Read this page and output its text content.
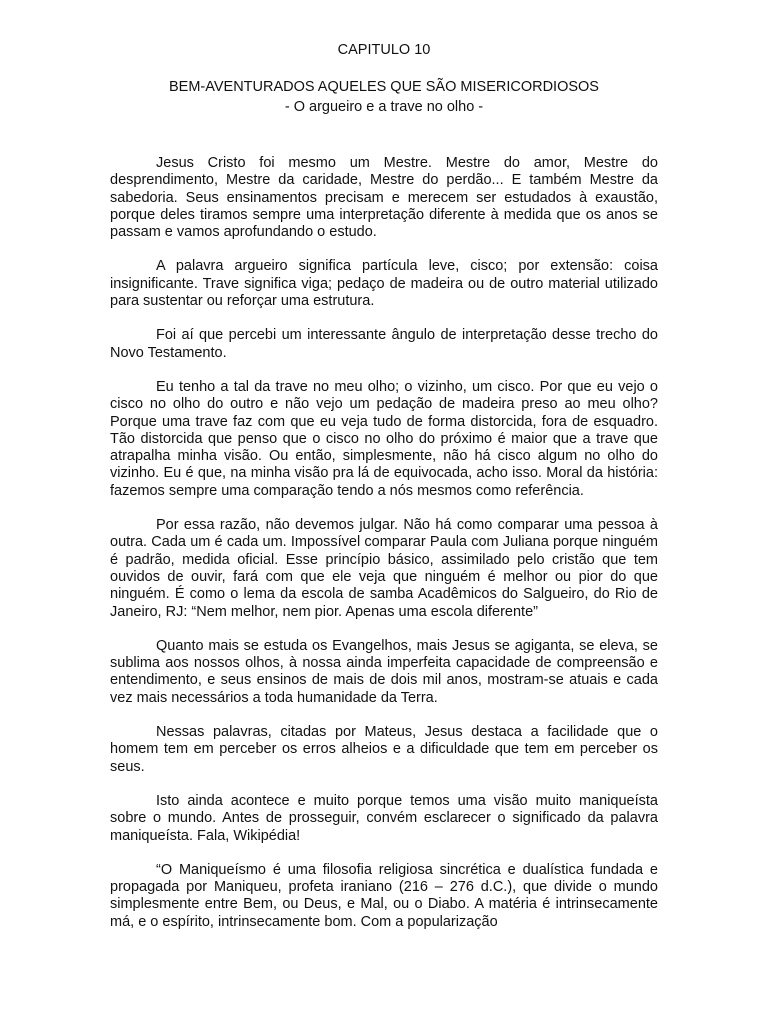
CAPITULO 10
BEM-AVENTURADOS AQUELES QUE SÃO MISERICORDIOSOS
- O argueiro e a trave no olho -

Jesus Cristo foi mesmo um Mestre. Mestre do amor, Mestre do desprendimento, Mestre da caridade, Mestre do perdão... E também Mestre da sabedoria. Seus ensinamentos precisam e merecem ser estudados à exaustão, porque deles tiramos sempre uma interpretação diferente à medida que os anos se passam e vamos aprofundando o estudo.

A palavra argueiro significa partícula leve, cisco; por extensão: coisa insignificante. Trave significa viga; pedaço de madeira ou de outro material utilizado para sustentar ou reforçar uma estrutura.

Foi aí que percebi um interessante ângulo de interpretação desse trecho do Novo Testamento.

Eu tenho a tal da trave no meu olho; o vizinho, um cisco. Por que eu vejo o cisco no olho do outro e não vejo um pedação de madeira preso ao meu olho? Porque uma trave faz com que eu veja tudo de forma distorcida, fora de esquadro. Tão distorcida que penso que o cisco no olho do próximo é maior que a trave que atrapalha minha visão. Ou então, simplesmente, não há cisco algum no olho do vizinho. Eu é que, na minha visão pra lá de equivocada, acho isso. Moral da história: fazemos sempre uma comparação tendo a nós mesmos como referência.

Por essa razão, não devemos julgar. Não há como comparar uma pessoa à outra. Cada um é cada um. Impossível comparar Paula com Juliana porque ninguém é padrão, medida oficial. Esse princípio básico, assimilado pelo cristão que tem ouvidos de ouvir, fará com que ele veja que ninguém é melhor ou pior do que ninguém. É como o lema da escola de samba Acadêmicos do Salgueiro, do Rio de Janeiro, RJ: “Nem melhor, nem pior. Apenas uma escola diferente”

Quanto mais se estuda os Evangelhos, mais Jesus se agiganta, se eleva, se sublima aos nossos olhos, à nossa ainda imperfeita capacidade de compreensão e entendimento, e seus ensinos de mais de dois mil anos, mostram-se atuais e cada vez mais necessários a toda humanidade da Terra.

Nessas palavras, citadas por Mateus, Jesus destaca a facilidade que o homem tem em perceber os erros alheios e a dificuldade que tem em perceber os seus.

Isto ainda acontece e muito porque temos uma visão muito maniqueísta sobre o mundo. Antes de prosseguir, convém esclarecer o significado da palavra maniqueísta. Fala, Wikipédia!

“O Maniqueísmo é uma filosofia religiosa sincrética e dualística fundada e propagada por Maniqueu, profeta iraniano (216 – 276 d.C.), que divide o mundo simplesmente entre Bem, ou Deus, e Mal, ou o Diabo. A matéria é intrinsecamente má, e o espírito, intrinsecamente bom. Com a popularização
